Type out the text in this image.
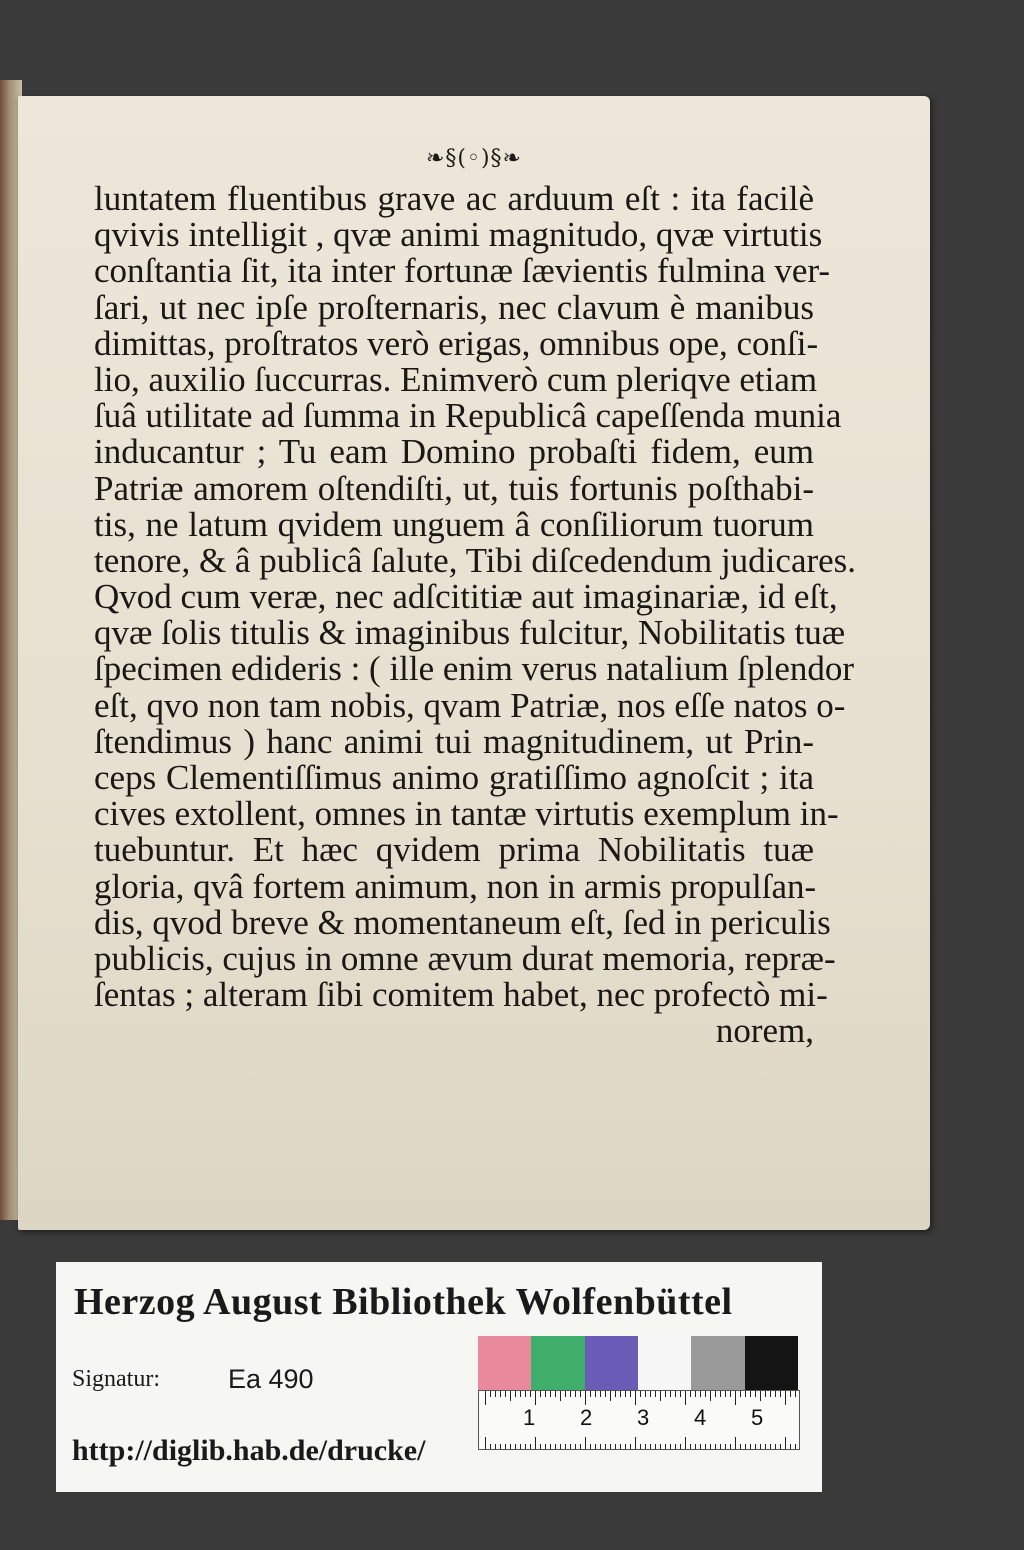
❧§(◦)§❧
luntatem fluentibus grave ac arduum eſt : ita facilè
qvivis intelligit , qvæ animi magnitudo, qvæ virtutis
conſtantia ſit, ita inter fortunæ ſævientis fulmina ver-
ſari, ut nec ipſe proſternaris, nec clavum è manibus
dimittas, proſtratos verò erigas, omnibus ope, conſi-
lio, auxilio ſuccurras. Enimverò cum pleriqve etiam
ſuâ utilitate ad ſumma in Republicâ capeſſenda munia
inducantur ; Tu eam Domino probaſti fidem, eum
Patriæ amorem oſtendiſti, ut, tuis fortunis poſthabi-
tis, ne latum qvidem unguem â conſiliorum tuorum
tenore, & â publicâ ſalute, Tibi diſcedendum judicares.
Qvod cum veræ, nec adſcititiæ aut imaginariæ, id eſt,
qvæ ſolis titulis & imaginibus fulcitur, Nobilitatis tuæ
ſpecimen edideris : ( ille enim verus natalium ſplendor
eſt, qvo non tam nobis, qvam Patriæ, nos eſſe natos o-
ſtendimus ) hanc animi tui magnitudinem, ut Prin-
ceps Clementiſſimus animo gratiſſimo agnoſcit ; ita
cives extollent, omnes in tantæ virtutis exemplum in-
tuebuntur. Et hæc qvidem prima Nobilitatis tuæ
gloria, qvâ fortem animum, non in armis propulſan-
dis, qvod breve & momentaneum eſt, ſed in periculis
publicis, cujus in omne ævum durat memoria, repræ-
ſentas ; alteram ſibi comitem habet, nec profectò mi-
norem,
Herzog August Bibliothek Wolfenbüttel
Signatur:	Ea 490
http://diglib.hab.de/drucke/
1 2 3 4 5
